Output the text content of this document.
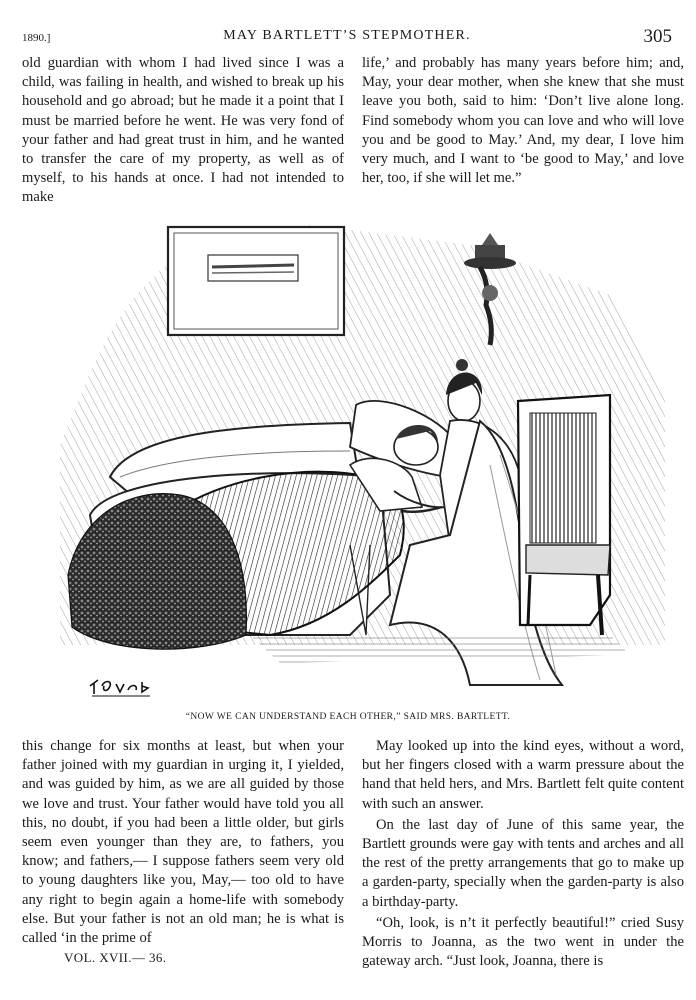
1890.]	MAY BARTLETT’S STEPMOTHER.	305

old guardian with whom I had lived since I was a child, was failing in health, and wished to break up his household and go abroad; but he made it a point that I must be married before he went. He was very fond of your father and had great trust in him, and he wanted to transfer the care of my property, as well as of myself, to his hands at once. I had not intended to make

life,’ and probably has many years before him; and, May, your dear mother, when she knew that she must leave you both, said to him: ‘Don’t live alone long. Find somebody whom you can love and who will love you and be good to May.’ And, my dear, I love him very much, and I want to ‘be good to May,’ and love her, too, if she will let me.”

“NOW WE CAN UNDERSTAND EACH OTHER,” SAID MRS. BARTLETT.

this change for six months at least, but when your father joined with my guardian in urging it, I yielded, and was guided by him, as we are all guided by those we love and trust. Your father would have told you all this, no doubt, if you had been a little older, but girls seem even younger than they are, to fathers, you know; and fathers,— I suppose fathers seem very old to young daughters like you, May,— too old to have any right to begin again a home-life with somebody else. But your father is not an old man; he is what is called ‘in the prime of

May looked up into the kind eyes, without a word, but her fingers closed with a warm pressure about the hand that held hers, and Mrs. Bartlett felt quite content with such an answer.

On the last day of June of this same year, the Bartlett grounds were gay with tents and arches and all the rest of the pretty arrangements that go to make up a garden-party, specially when the garden-party is also a birthday-party.

“Oh, look, is n’t it perfectly beautiful!” cried Susy Morris to Joanna, as the two went in under the gateway arch. “Just look, Joanna, there is

VOL. XVII.— 36.
